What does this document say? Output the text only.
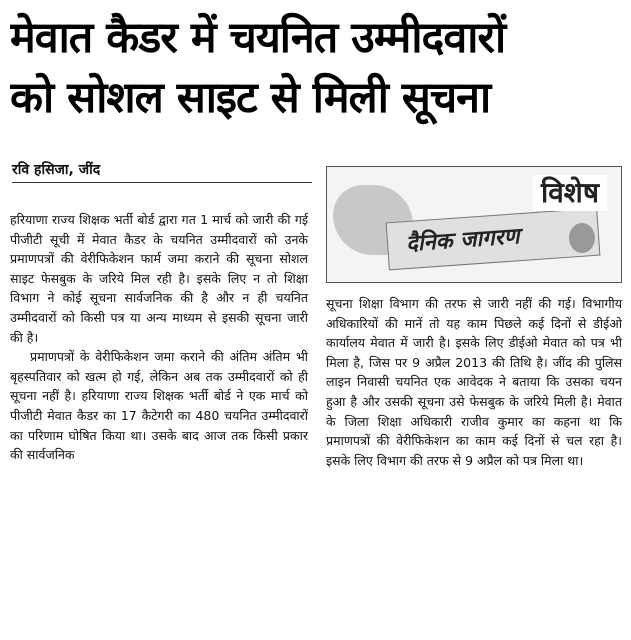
मेवात कैडर में चयनित उम्मीदवारों
को सोशल साइट से मिली सूचना
रवि हसिजा, जींद
दैनिक जागरण
विशेष

हरियाणा राज्य शिक्षक भर्ती बोर्ड द्वारा गत 1 मार्च को जारी की गई पीजीटी सूची में मेवात कैडर के चयनित उम्मीदवारों को उनके प्रमाणपत्रों की वेरीफिकेशन फार्म जमा कराने की सूचना सोशल साइट फेसबुक के जरिये मिल रही है। इसके लिए न तो शिक्षा विभाग ने कोई सूचना सार्वजनिक की है और न ही चयनित उम्मीदवारों को किसी पत्र या अन्य माध्यम से इसकी सूचना जारी की है।

प्रमाणपत्रों के वेरीफिकेशन जमा कराने की अंतिम अंतिम भी बृहस्पतिवार को खत्म हो गई, लेकिन अब तक उम्मीदवारों को ही सूचना नहीं है। हरियाणा राज्य शिक्षक भर्ती बोर्ड ने एक मार्च को पीजीटी मेवात कैडर का 17 कैटेगरी का 480 चयनित उम्मीदवारों का परिणाम घोषित किया था। उसके बाद आज तक किसी प्रकार की सार्वजनिक

सूचना शिक्षा विभाग की तरफ से जारी नहीं की गई। विभागीय अधिकारियों की मानें तो यह काम पिछले कई दिनों से डीईओ कार्यालय मेवात में जारी है। इसके लिए डीईओ मेवात को पत्र भी मिला है, जिस पर 9 अप्रैल 2013 की तिथि है। जींद की पुलिस लाइन निवासी चयनित एक आवेदक ने बताया कि उसका चयन हुआ है और उसकी सूचना उसे फेसबुक के जरिये मिली है। मेवात के जिला शिक्षा अधिकारी राजीव कुमार का कहना था कि प्रमाणपत्रों की वेरीफिकेशन का काम कई दिनों से चल रहा है। इसके लिए विभाग की तरफ से 9 अप्रैल को पत्र मिला था।
